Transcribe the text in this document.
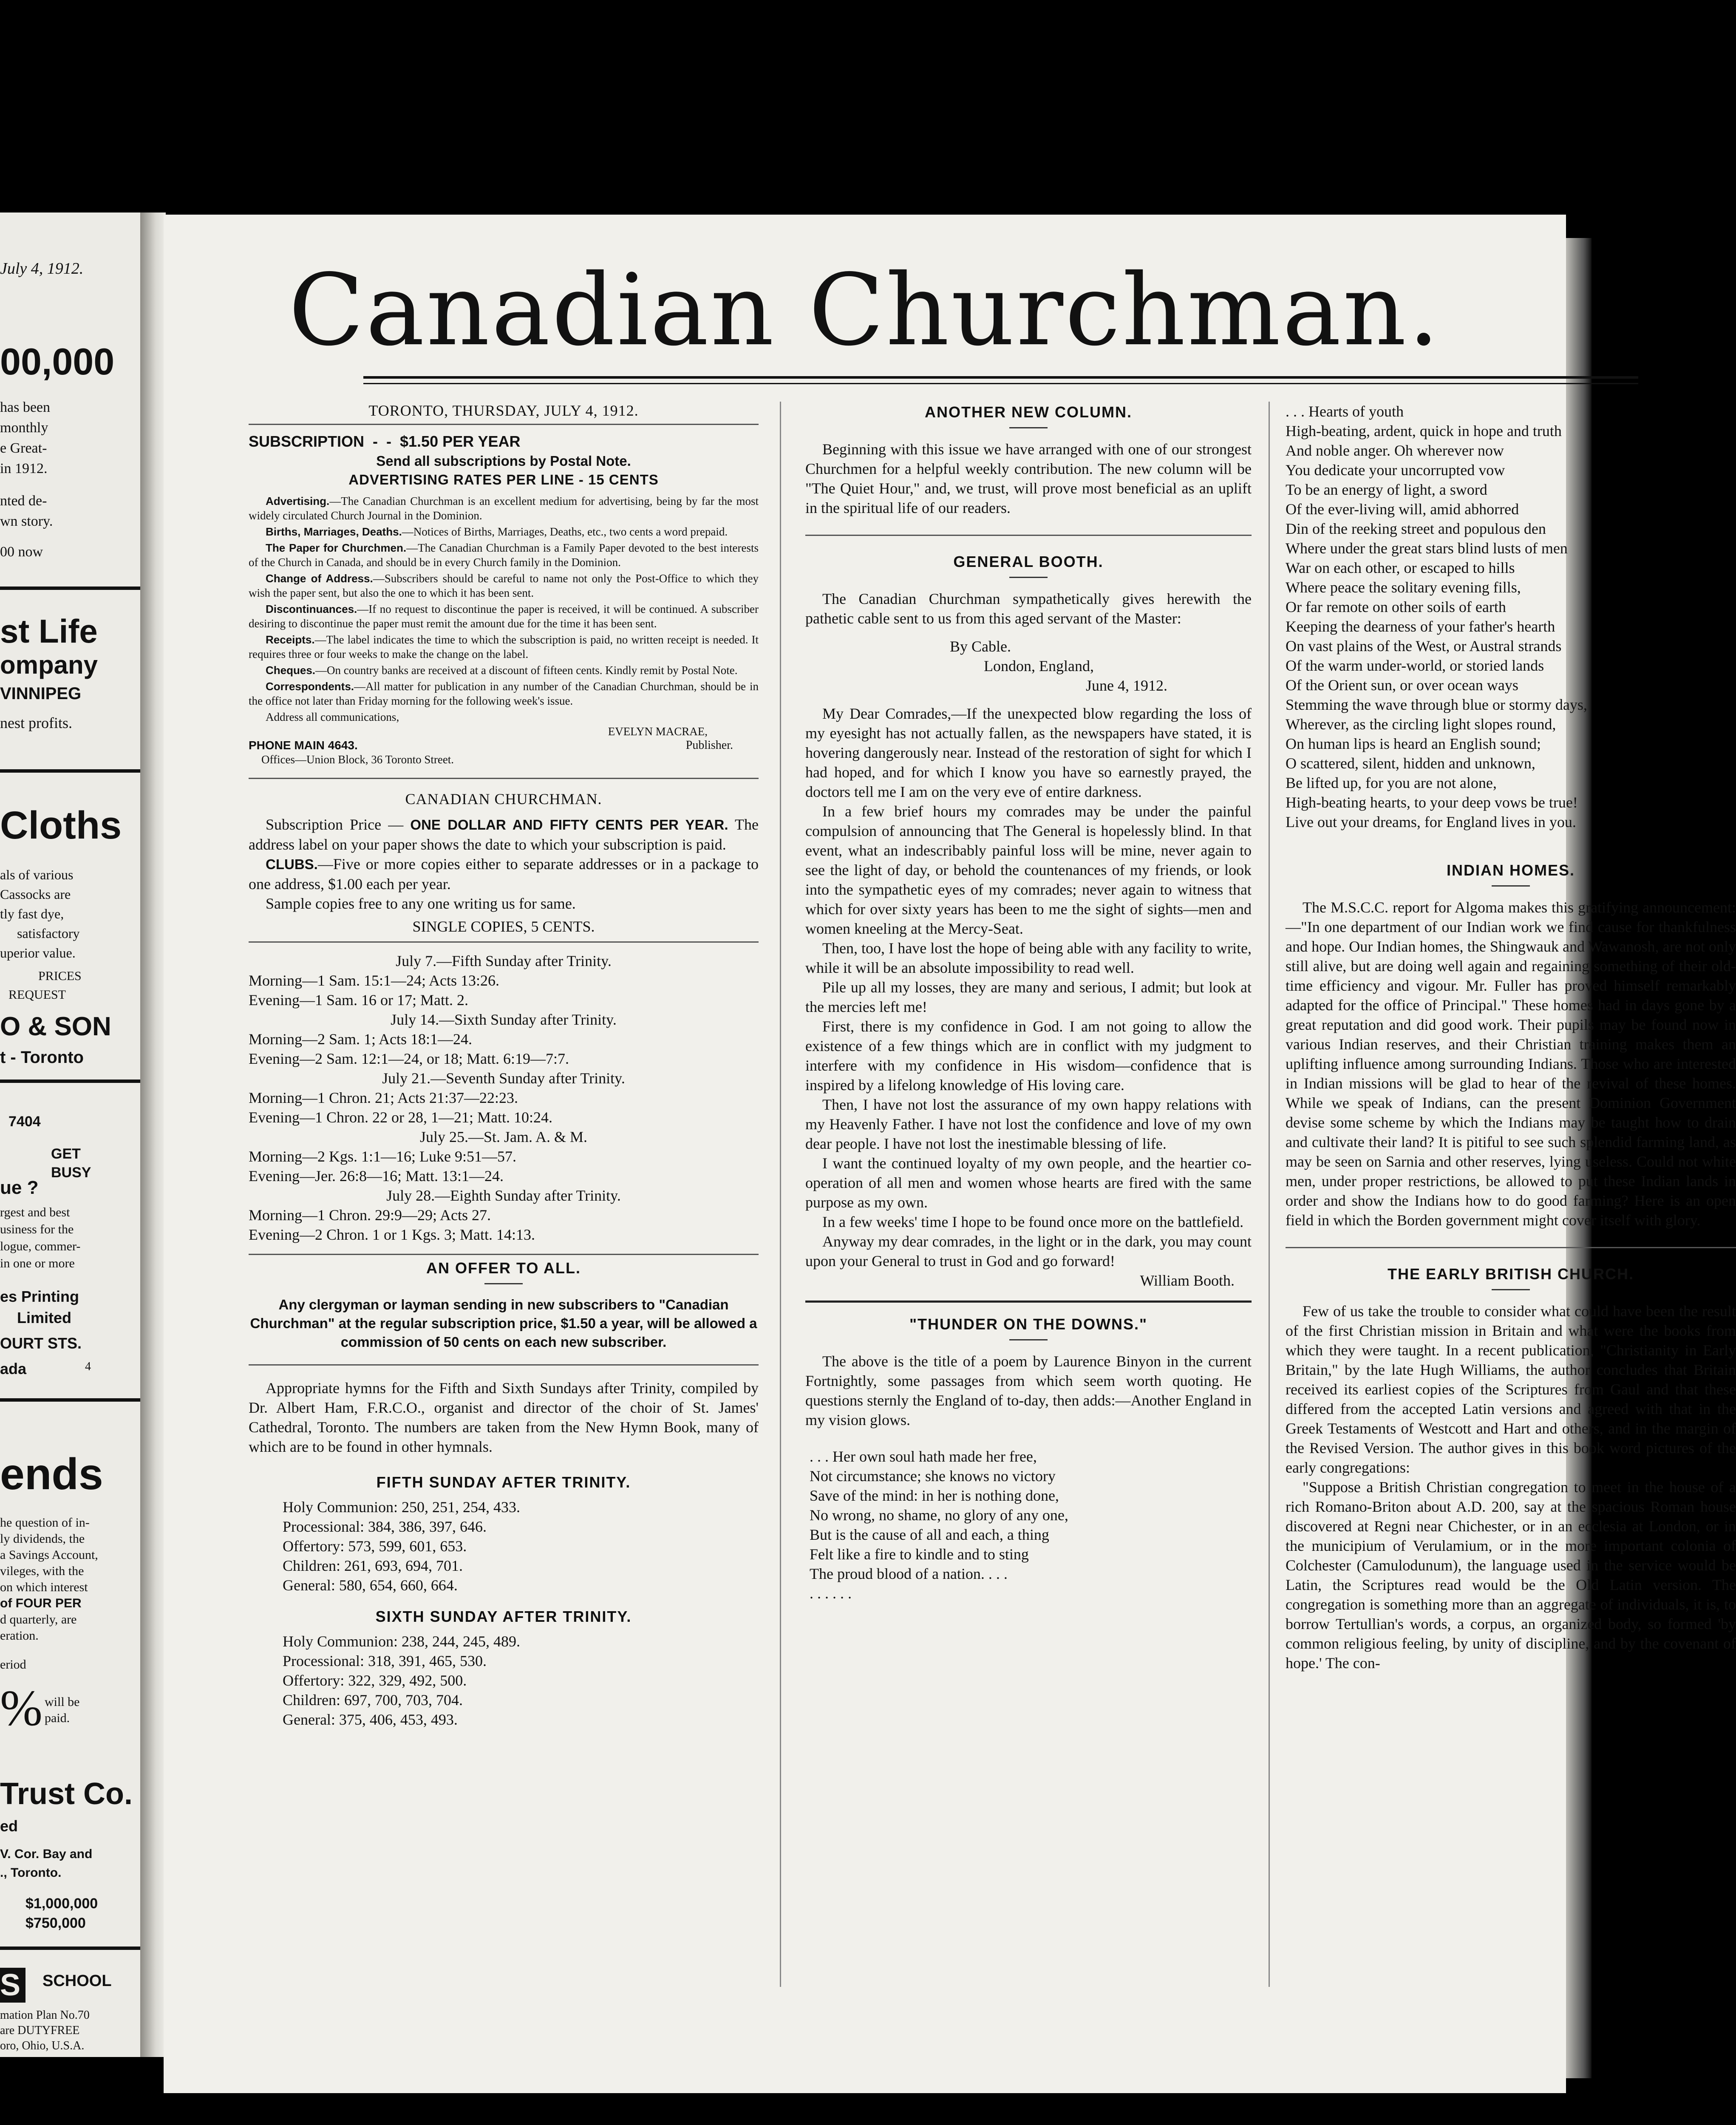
July 4, 1912.
00,000
has been
monthly
e Great-
in 1912.
nted de-
wn story.
00 now
st Life
ompany
VINNIPEG
nest profits.
Cloths
als of various
Cassocks are
tly fast dye,
satisfactory
uperior value.
PRICES
REQUEST
O & SON
t - Toronto
7404
GET
BUSY
ue ?
rgest and best
usiness for the
logue, commer-
in one or more
es Printing
Limited
OURT STS.
ada	4
ends
he question of in-
ly dividends, the
a Savings Account,
vileges, with the
on which interest
of FOUR PER
d quarterly, are
eration.
eriod
% will be
paid.
Trust Co.
ed
V. Cor. Bay and
., Toronto.
$1,000,000
$750,000
S	SCHOOL
mation Plan No.70
are DUTYFREE
oro, Ohio, U.S.A.
Canadian Churchman.

TORONTO, THURSDAY, JULY 4, 1912.

SUBSCRIPTION  -  -  $1.50 PER YEAR

Send all subscriptions by Postal Note.

ADVERTISING RATES PER LINE - 15 CENTS

Advertising.—The Canadian Churchman is an excellent medium for advertising, being by far the most widely circulated Church Journal in the Dominion.

Births, Marriages, Deaths.—Notices of Births, Marriages, Deaths, etc., two cents a word prepaid.

The Paper for Churchmen.—The Canadian Churchman is a Family Paper devoted to the best interests of the Church in Canada, and should be in every Church family in the Dominion.

Change of Address.—Subscribers should be careful to name not only the Post-Office to which they wish the paper sent, but also the one to which it has been sent.

Discontinuances.—If no request to discontinue the paper is received, it will be continued. A subscriber desiring to discontinue the paper must remit the amount due for the time it has been sent.

Receipts.—The label indicates the time to which the subscription is paid, no written receipt is needed. It requires three or four weeks to make the change on the label.

Cheques.—On country banks are received at a discount of fifteen cents. Kindly remit by Postal Note.

Correspondents.—All matter for publication in any number of the Canadian Churchman, should be in the office not later than Friday morning for the following week's issue.

Address all communications,

EVELYN MACRAE,

PHONE MAIN 4643.	Publisher.

Offices—Union Block, 36 Toronto Street.

CANADIAN CHURCHMAN.

Subscription Price — ONE DOLLAR AND FIFTY CENTS PER YEAR. The address label on your paper shows the date to which your subscription is paid.

CLUBS.—Five or more copies either to separate addresses or in a package to one address, $1.00 each per year.

Sample copies free to any one writing us for same.

SINGLE COPIES, 5 CENTS.

July 7.—Fifth Sunday after Trinity.

Morning—1 Sam. 15:1—24; Acts 13:26.

Evening—1 Sam. 16 or 17; Matt. 2.

July 14.—Sixth Sunday after Trinity.

Morning—2 Sam. 1; Acts 18:1—24.

Evening—2 Sam. 12:1—24, or 18; Matt. 6:19—7:7.

July 21.—Seventh Sunday after Trinity.

Morning—1 Chron. 21; Acts 21:37—22:23.

Evening—1 Chron. 22 or 28, 1—21; Matt. 10:24.

July 25.—St. Jam. A. & M.

Morning—2 Kgs. 1:1—16; Luke 9:51—57.

Evening—Jer. 26:8—16; Matt. 13:1—24.

July 28.—Eighth Sunday after Trinity.

Morning—1 Chron. 29:9—29; Acts 27.

Evening—2 Chron. 1 or 1 Kgs. 3; Matt. 14:13.

AN OFFER TO ALL.

Any clergyman or layman sending in new subscribers to "Canadian Churchman" at the regular subscription price, $1.50 a year, will be allowed a commission of 50 cents on each new subscriber.

Appropriate hymns for the Fifth and Sixth Sundays after Trinity, compiled by Dr. Albert Ham, F.R.C.O., organist and director of the choir of St. James' Cathedral, Toronto. The numbers are taken from the New Hymn Book, many of which are to be found in other hymnals.

FIFTH SUNDAY AFTER TRINITY.

Holy Communion: 250, 251, 254, 433.

Processional: 384, 386, 397, 646.

Offertory: 573, 599, 601, 653.

Children: 261, 693, 694, 701.

General: 580, 654, 660, 664.

SIXTH SUNDAY AFTER TRINITY.

Holy Communion: 238, 244, 245, 489.

Processional: 318, 391, 465, 530.

Offertory: 322, 329, 492, 500.

Children: 697, 700, 703, 704.

General: 375, 406, 453, 493.

ANOTHER NEW COLUMN.

Beginning with this issue we have arranged with one of our strongest Churchmen for a helpful weekly contribution. The new column will be "The Quiet Hour," and, we trust, will prove most beneficial as an uplift in the spiritual life of our readers.

GENERAL BOOTH.

The Canadian Churchman sympathetically gives herewith the pathetic cable sent to us from this aged servant of the Master:

By Cable.

London, England,

June 4, 1912.

My Dear Comrades,—If the unexpected blow regarding the loss of my eyesight has not actually fallen, as the newspapers have stated, it is hovering dangerously near. Instead of the restoration of sight for which I had hoped, and for which I know you have so earnestly prayed, the doctors tell me I am on the very eve of entire darkness.

In a few brief hours my comrades may be under the painful compulsion of announcing that The General is hopelessly blind. In that event, what an indescribably painful loss will be mine, never again to see the light of day, or behold the countenances of my friends, or look into the sympathetic eyes of my comrades; never again to witness that which for over sixty years has been to me the sight of sights—men and women kneeling at the Mercy-Seat.

Then, too, I have lost the hope of being able with any facility to write, while it will be an absolute impossibility to read well.

Pile up all my losses, they are many and serious, I admit; but look at the mercies left me!

First, there is my confidence in God. I am not going to allow the existence of a few things which are in conflict with my judgment to interfere with my confidence in His wisdom—confidence that is inspired by a lifelong knowledge of His loving care.

Then, I have not lost the assurance of my own happy relations with my Heavenly Father. I have not lost the confidence and love of my own dear people. I have not lost the inestimable blessing of life.

I want the continued loyalty of my own people, and the heartier co-operation of all men and women whose hearts are fired with the same purpose as my own.

In a few weeks' time I hope to be found once more on the battlefield.

Anyway my dear comrades, in the light or in the dark, you may count upon your General to trust in God and go forward!

William Booth.

"THUNDER ON THE DOWNS."

The above is the title of a poem by Laurence Binyon in the current Fortnightly, some passages from which seem worth quoting. He questions sternly the England of to-day, then adds:—Another England in my vision glows.

. . . Her own soul hath made her free,

Not circumstance; she knows no victory

Save of the mind: in her is nothing done,

No wrong, no shame, no glory of any one,

But is the cause of all and each, a thing

Felt like a fire to kindle and to sting

The proud blood of a nation. . . .

. . . . . .

. . . Hearts of youth

High-beating, ardent, quick in hope and truth

And noble anger. Oh wherever now

You dedicate your uncorrupted vow

To be an energy of light, a sword

Of the ever-living will, amid abhorred

Din of the reeking street and populous den

Where under the great stars blind lusts of men

War on each other, or escaped to hills

Where peace the solitary evening fills,

Or far remote on other soils of earth

Keeping the dearness of your father's hearth

On vast plains of the West, or Austral strands

Of the warm under-world, or storied lands

Of the Orient sun, or over ocean ways

Stemming the wave through blue or stormy days,

Wherever, as the circling light slopes round,

On human lips is heard an English sound;

O scattered, silent, hidden and unknown,

Be lifted up, for you are not alone,

High-beating hearts, to your deep vows be true!

Live out your dreams, for England lives in you.

INDIAN HOMES.

The M.S.C.C. report for Algoma makes this gratifying announcement:—"In one department of our Indian work we find cause for thankfulness and hope. Our Indian homes, the Shingwauk and Wawanosh, are not only still alive, but are doing well again and regaining something of their old-time efficiency and vigour. Mr. Fuller has proved himself remarkably adapted for the office of Principal." These homes had in days gone by a great reputation and did good work. Their pupils may be found now in various Indian reserves, and their Christian training makes them an uplifting influence among surrounding Indians. Those who are interested in Indian missions will be glad to hear of the revival of these homes. While we speak of Indians, can the present Dominion Government devise some scheme by which the Indians may be taught how to drain and cultivate their land? It is pitiful to see such splendid farming land, as may be seen on Sarnia and other reserves, lying useless. Could not white men, under proper restrictions, be allowed to put these Indian lands in order and show the Indians how to do good farming? Here is an open field in which the Borden government might cover itself with glory.

THE EARLY BRITISH CHURCH.

Few of us take the trouble to consider what could have been the result of the first Christian mission in Britain and what were the books from which they were taught. In a recent publication, "Christianity in Early Britain," by the late Hugh Williams, the author concludes that Britain received its earliest copies of the Scriptures from Gaul and that these differed from the accepted Latin versions and agreed with that in the Greek Testaments of Westcott and Hart and others, and in the margin of the Revised Version. The author gives in this book word pictures of the early congregations:

"Suppose a British Christian congregation to meet in the house of a rich Romano-Briton about A.D. 200, say at the spacious Roman house discovered at Regni near Chichester, or in an ecclesia at London, or in the municipium of Verulamium, or in the more important colonia of Colchester (Camulodunum), the language used in the service would be Latin, the Scriptures read would be the Old Latin version. The congregation is something more than an aggregate of individuals, it is, to borrow Tertullian's words, a corpus, an organized body, so formed 'by common religious feeling, by unity of discipline, and by the covenant of hope.' The con-
